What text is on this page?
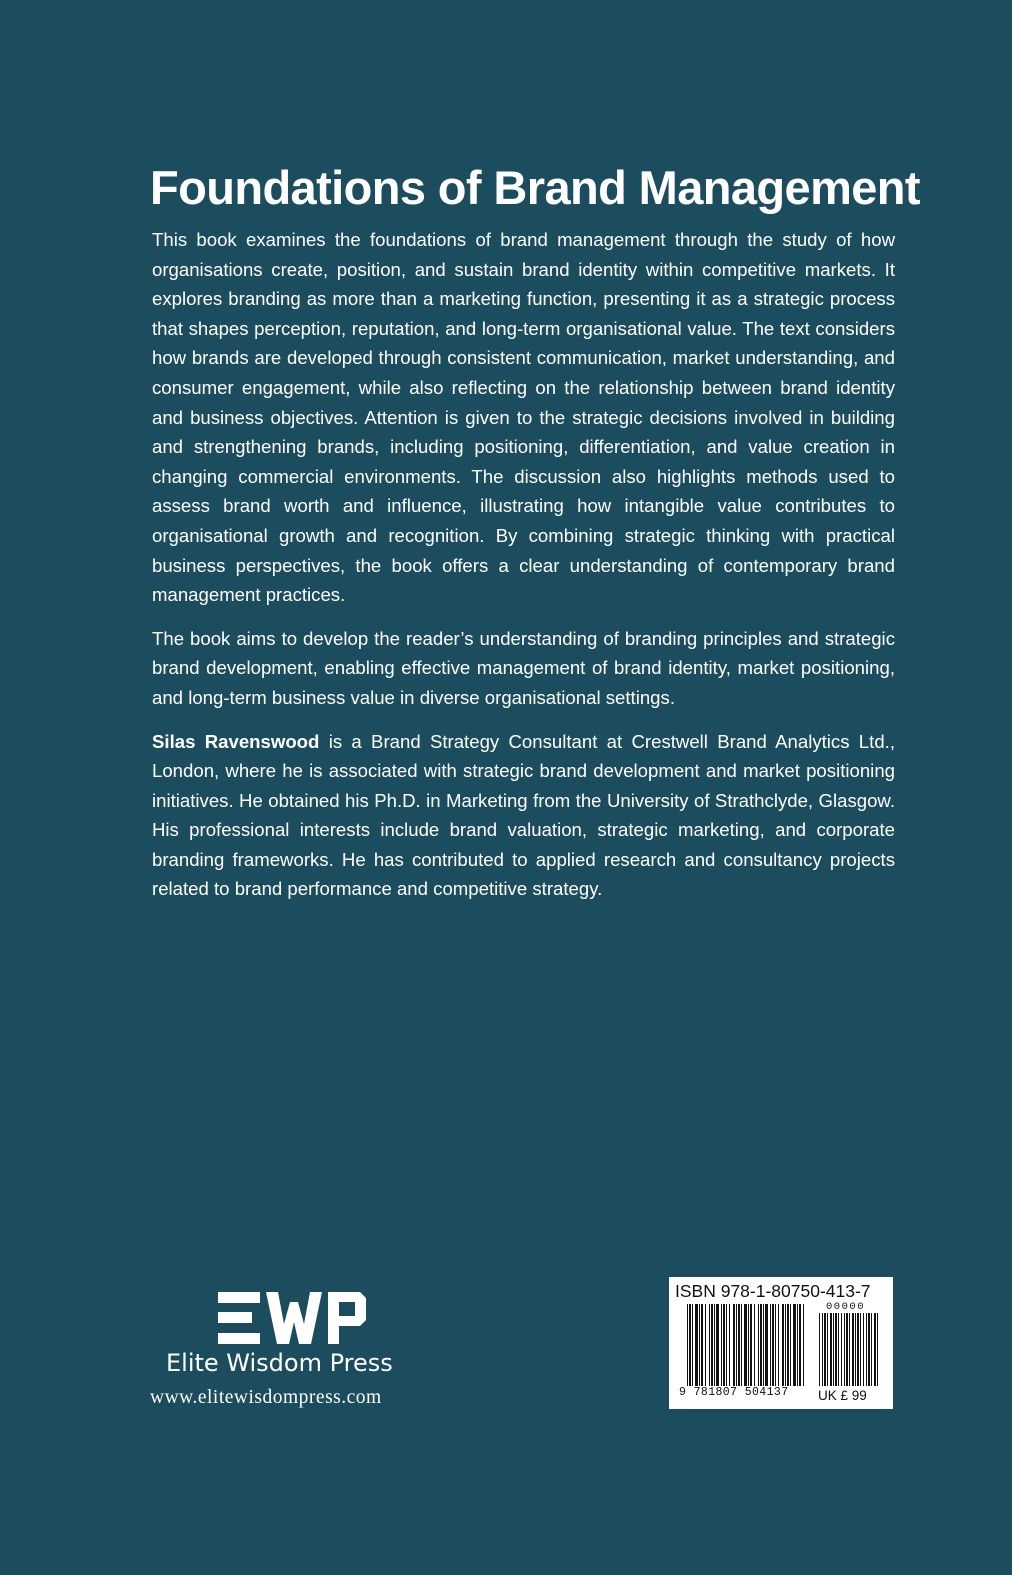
Foundations of Brand Management

This book examines the foundations of brand management through the study of how organisations create, position, and sustain brand identity within competitive markets. It explores branding as more than a marketing function, presenting it as a strategic process that shapes perception, reputation, and long-term organisational value. The text considers how brands are developed through consistent communication, market understanding, and consumer engagement, while also reflecting on the relationship between brand identity and business objectives. Attention is given to the strategic decisions involved in building and strengthening brands, including positioning, differentiation, and value creation in changing commercial environments. The discussion also highlights methods used to assess brand worth and influence, illustrating how intangible value contributes to organisational growth and recognition. By combining strategic thinking with practical business perspectives, the book offers a clear understanding of contemporary brand management practices.

The book aims to develop the reader’s understanding of branding principles and strategic brand development, enabling effective management of brand identity, market positioning, and long-term business value in diverse organisational settings.

Silas Ravenswood is a Brand Strategy Consultant at Crestwell Brand Analytics Ltd., London, where he is associated with strategic brand development and market positioning initiatives. He obtained his Ph.D. in Marketing from the University of Strathclyde, Glasgow. His professional interests include brand valuation, strategic marketing, and corporate branding frameworks. He has contributed to applied research and consultancy projects related to brand performance and competitive strategy.

Elite Wisdom Press
www.elitewisdompress.com
ISBN 978-1-80750-413-7
00000
9 781807 504137	UK £ 99
